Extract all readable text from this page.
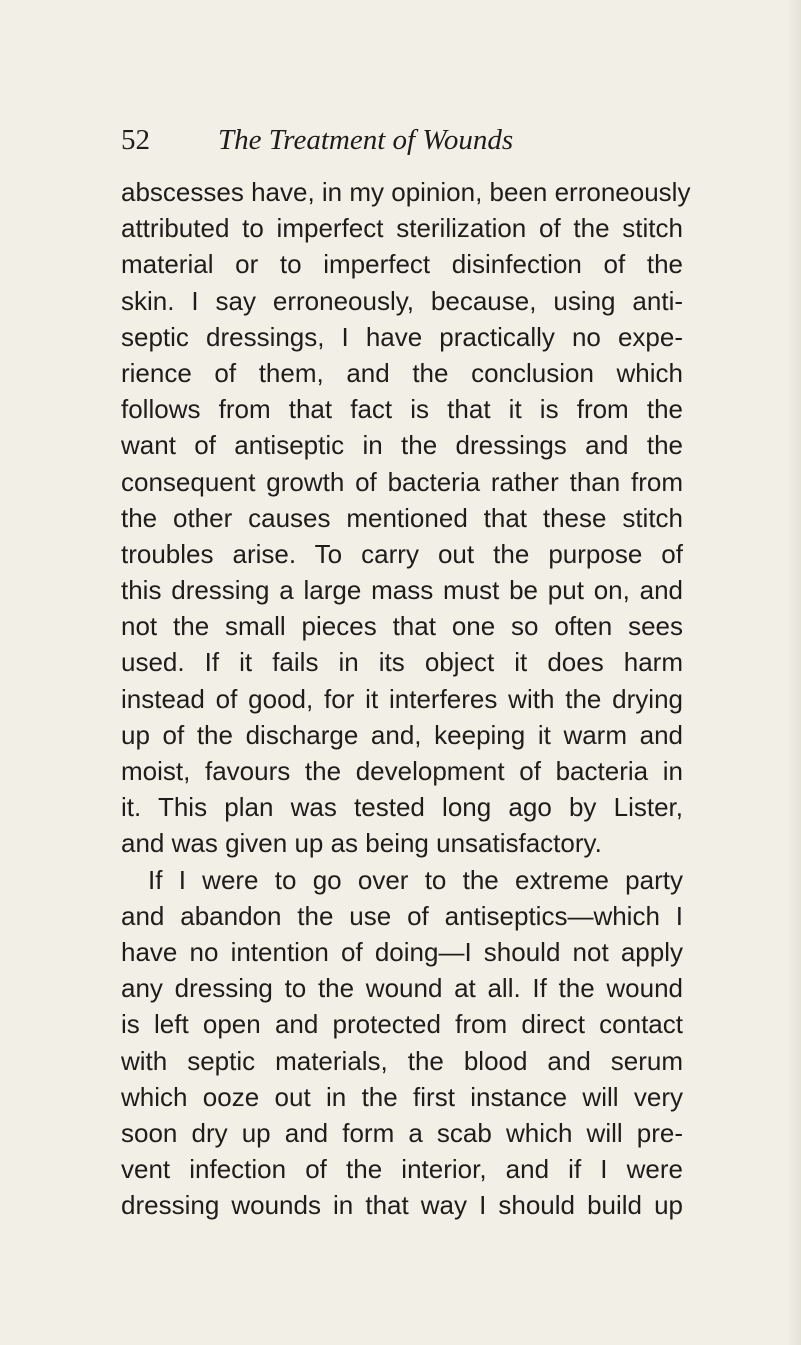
52 The Treatment of Wounds
abscesses have, in my opinion, been erroneously
attributed to imperfect sterilization of the stitch
material or to imperfect disinfection of the
skin. I say erroneously, because, using anti-
septic dressings, I have practically no expe-
rience of them, and the conclusion which
follows from that fact is that it is from the
want of antiseptic in the dressings and the
consequent growth of bacteria rather than from
the other causes mentioned that these stitch
troubles arise. To carry out the purpose of
this dressing a large mass must be put on, and
not the small pieces that one so often sees
used. If it fails in its object it does harm
instead of good, for it interferes with the drying
up of the discharge and, keeping it warm and
moist, favours the development of bacteria in
it. This plan was tested long ago by Lister,
and was given up as being unsatisfactory.
If I were to go over to the extreme party
and abandon the use of antiseptics—which I
have no intention of doing—I should not apply
any dressing to the wound at all. If the wound
is left open and protected from direct contact
with septic materials, the blood and serum
which ooze out in the first instance will very
soon dry up and form a scab which will pre-
vent infection of the interior, and if I were
dressing wounds in that way I should build up
